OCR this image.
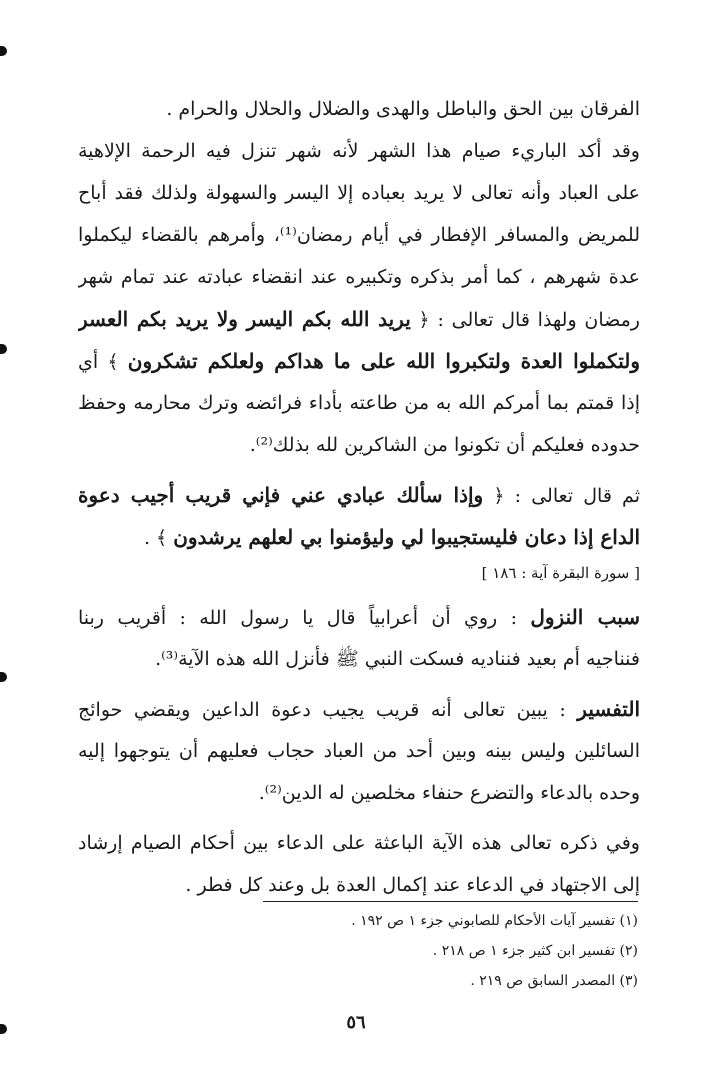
الفرقان بين الحق والباطل والهدى والضلال والحلال والحرام .
وقد أكد الباريء صيام هذا الشهر لأنه شهر تنزل فيه الرحمة الإلاهية
على العباد وأنه تعالى لا يريد بعباده إلا اليسر والسهولة ولذلك فقد أباح
للمريض والمسافر الإفطار في أيام رمضان⁽¹⁾، وأمرهم بالقضاء ليكملوا
عدة شهرهم ، كما أمر بذكره وتكبيره عند انقضاء عبادته عند تمام شهر
رمضان ولهذا قال تعالى : ﴿ يريد الله بكم اليسر ولا يريد بكم العسر
ولتكملوا العدة ولتكبروا الله على ما هداكم ولعلكم تشكرون ﴾ أي
إذا قمتم بما أمركم الله به من طاعته بأداء فرائضه وترك محارمه وحفظ
حدوده فعليكم أن تكونوا من الشاكرين لله بذلك⁽²⁾.
ثم قال تعالى : ﴿ وإذا سألك عبادي عني فإني قريب أجيب دعوة
الداع إذا دعان فليستجيبوا لي وليؤمنوا بي لعلهم يرشدون ﴾ .
[ سورة البقرة آية : ١٨٦ ]
سبب النزول : روي أن أعرابياً قال يا رسول الله : أقريب ربنا
فنناجيه أم بعيد فنناديه فسكت النبي ﷺ فأنزل الله هذه الآية⁽³⁾.
التفسير : يبين تعالى أنه قريب يجيب دعوة الداعين ويقضي حوائج
السائلين وليس بينه وبين أحد من العباد حجاب فعليهم أن يتوجهوا إليه
وحده بالدعاء والتضرع حنفاء مخلصين له الدين⁽²⁾.
وفي ذكره تعالى هذه الآية الباعثة على الدعاء بين أحكام الصيام إرشاد
إلى الاجتهاد في الدعاء عند إكمال العدة بل وعند كل فطر .
(١) تفسير آيات الأحكام للصابوني جزء ١ ص ١٩٢ .
(٢) تفسير ابن كثير جزء ١ ص ٢١٨ .
(٣) المصدر السابق ص ٢١٩ .
٥٦
